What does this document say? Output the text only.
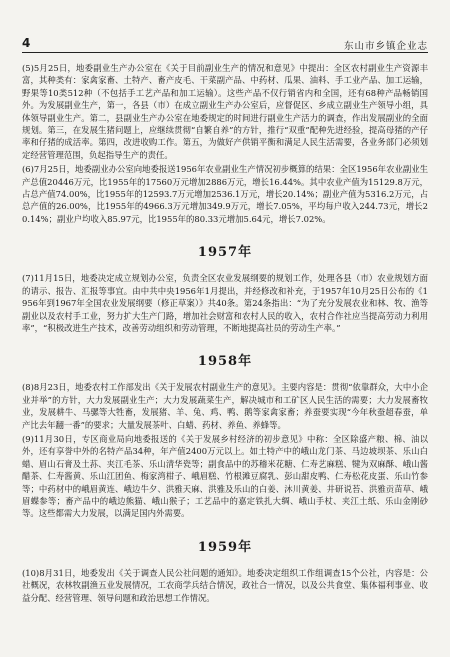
4	东山市乡镇企业志

(5)5月25日，地委副业生产办公室在《关于目前副业生产的情况和意见》中提出：全区农村副业生产资源丰富，其种类有：家禽家畜、土特产、畜产皮毛、干菜副产品、中药材、瓜果、油料、手工业产品、加工运输，野果等10类512种（不包括手工艺产品和加工运输）。这些产品不仅行销省内和全国，还有68种产品畅销国外。为发展副业生产，第一，各县（市）在成立副业生产办公室后，应督促区、乡成立副业生产领导小组，具体领导副业生产。第二，县副业生产办公室在地委规定的时间进行副业生产活力的调查，作出发展副业的全面规划。第三，在发展生猪问题上，应继续贯彻“自繁自养”的方针，推行“双重”配种先进经验，提高母猪的产仔率和仔猪的成活率。第四，改进收购工作。第五，为做好产供销平衡和满足人民生活需要，各业务部门必须划定经营管理范围，负起指导生产的责任。

(6)7月25日，地委副业办公室向地委报送1956年农业副业生产情况初步概算的结果：全区1956年农业副业生产总值20446万元，比1955年的17560万元增加2886万元，增长16.44%。其中农业产值为15129.8万元，占总产值74.00%，比1955年的12593.7万元增加2536.1万元，增长20.14%；副业产值为5316.2万元，占总产值的26.00%，比1955年的4966.3万元增加349.9万元，增长7.05%，平均每户收入244.73元，增长20.14%；副业户均收入85.97元，比1955年的80.33元增加5.64元，增长7.02%。

1957年

(7)11月15日，地委决定成立规划办公室，负责全区农业发展纲要的规划工作，处理各县（市）农业规划方面的请示、报告、汇报等事宜。由中共中央1956年1月提出，并经修改和补充，于1957年10月25日公布的《1956年到1967年全国农业发展纲要（修正草案）》共40条。第24条指出：“为了充分发展农业和林、牧、渔等副业以及农村手工业，努力扩大生产门路，增加社会财富和农村人民的收入，农村合作社应当提高劳动力利用率”，“积极改进生产技术，改善劳动组织和劳动管理，不断地提高社员的劳动生产率。”

1958年

(8)8月23日，地委农村工作部发出《关于发展农村副业生产的意见》。主要内容是：贯彻“依靠群众，大中小企业并举”的方针，大力发展副业生产；大力发展蔬菜生产，解决城市和工矿区人民生活的需要；大力发展畜牧业，发展耕牛、马骡等大牲畜，发展猪、羊、兔、鸡、鸭、鹅等家禽家畜；养蚕要实现“今年秋蚕超春蚕，单产比去年翻一番”的要求；大量发展茶叶、白蜡、药材、养鱼、养蜂等。

(9)11月30日，专区商业局向地委报送的《关于发展乡村经济的初步意见》中称：全区除盛产粮、棉、油以外，还有享誉中外的名特产品34种，年产值2400万元以上。如土特产中的峨山龙门茶、马边坡坝茶、乐山白蜡、眉山石膏及土荪、夹江毛茶、乐山清华瓷等；副食品中的苏稽米花糖、仁寿艺麻糕、犍为双麻酥、峨山酱醋茶、仁寿酱黄、乐山江团鱼、梅家湾柑子、峨眉糕、竹根滩豆腐乳、彭山甜皮鸭、仁寿松花皮蛋、乐山竹参等；中药材中的峨眉黄连、峨边牛夕、洪雅天麻、洪雅及乐山的白姜、沐川黄姜、井研说苔、洪雅贡苗草、峨眉蝶参等；畜产品中的峨边熊猫、峨山猴子；工艺品中的嘉定铁扎大绸、峨山手杖、夹江土纸、乐山金刚砂等。这些都需大力发展，以满足国内外需要。

1959年

(10)8月31日，地委发出《关于调查人民公社问题的通知》。地委决定组织工作组调查15个公社，内容是：公社概况，农林牧副渔五业发展情况，工农商学兵结合情况，政社合一情况，以及公共食堂、集体福利事业、收益分配、经营管理、领导问题和政治思想工作情况。
